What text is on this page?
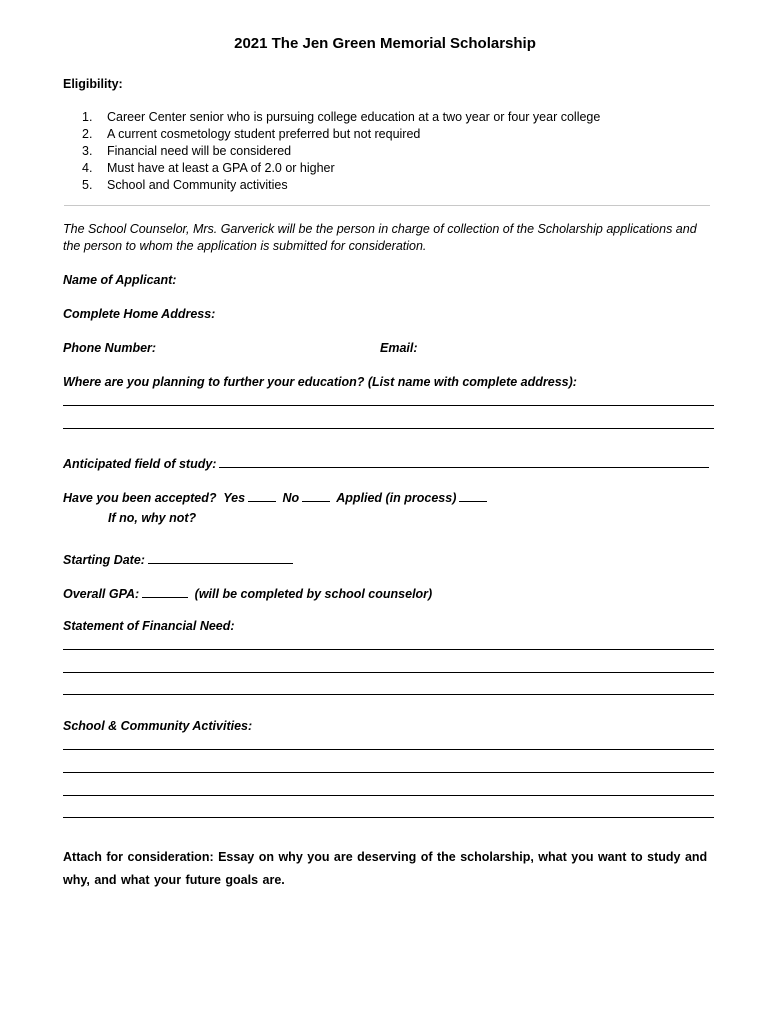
2021 The Jen Green Memorial Scholarship
Eligibility:
1. Career Center senior who is pursuing college education at a two year or four year college
2. A current cosmetology student preferred but not required
3. Financial need will be considered
4. Must have at least a GPA of 2.0 or higher
5. School and Community activities
The School Counselor, Mrs. Garverick will be the person in charge of collection of the Scholarship applications and
the person to whom the application is submitted for consideration.
Name of Applicant:
Complete Home Address:
Phone Number:	Email:
Where are you planning to further your education? (List name with complete address):
Anticipated field of study:
Have you been accepted? Yes	No	Applied (in process)
If no, why not?
Starting Date:
Overall GPA:	(will be completed by school counselor)
Statement of Financial Need:
School & Community Activities:
Attach for consideration: Essay on why you are deserving of the scholarship, what you want to study and why, and what your future goals are.
